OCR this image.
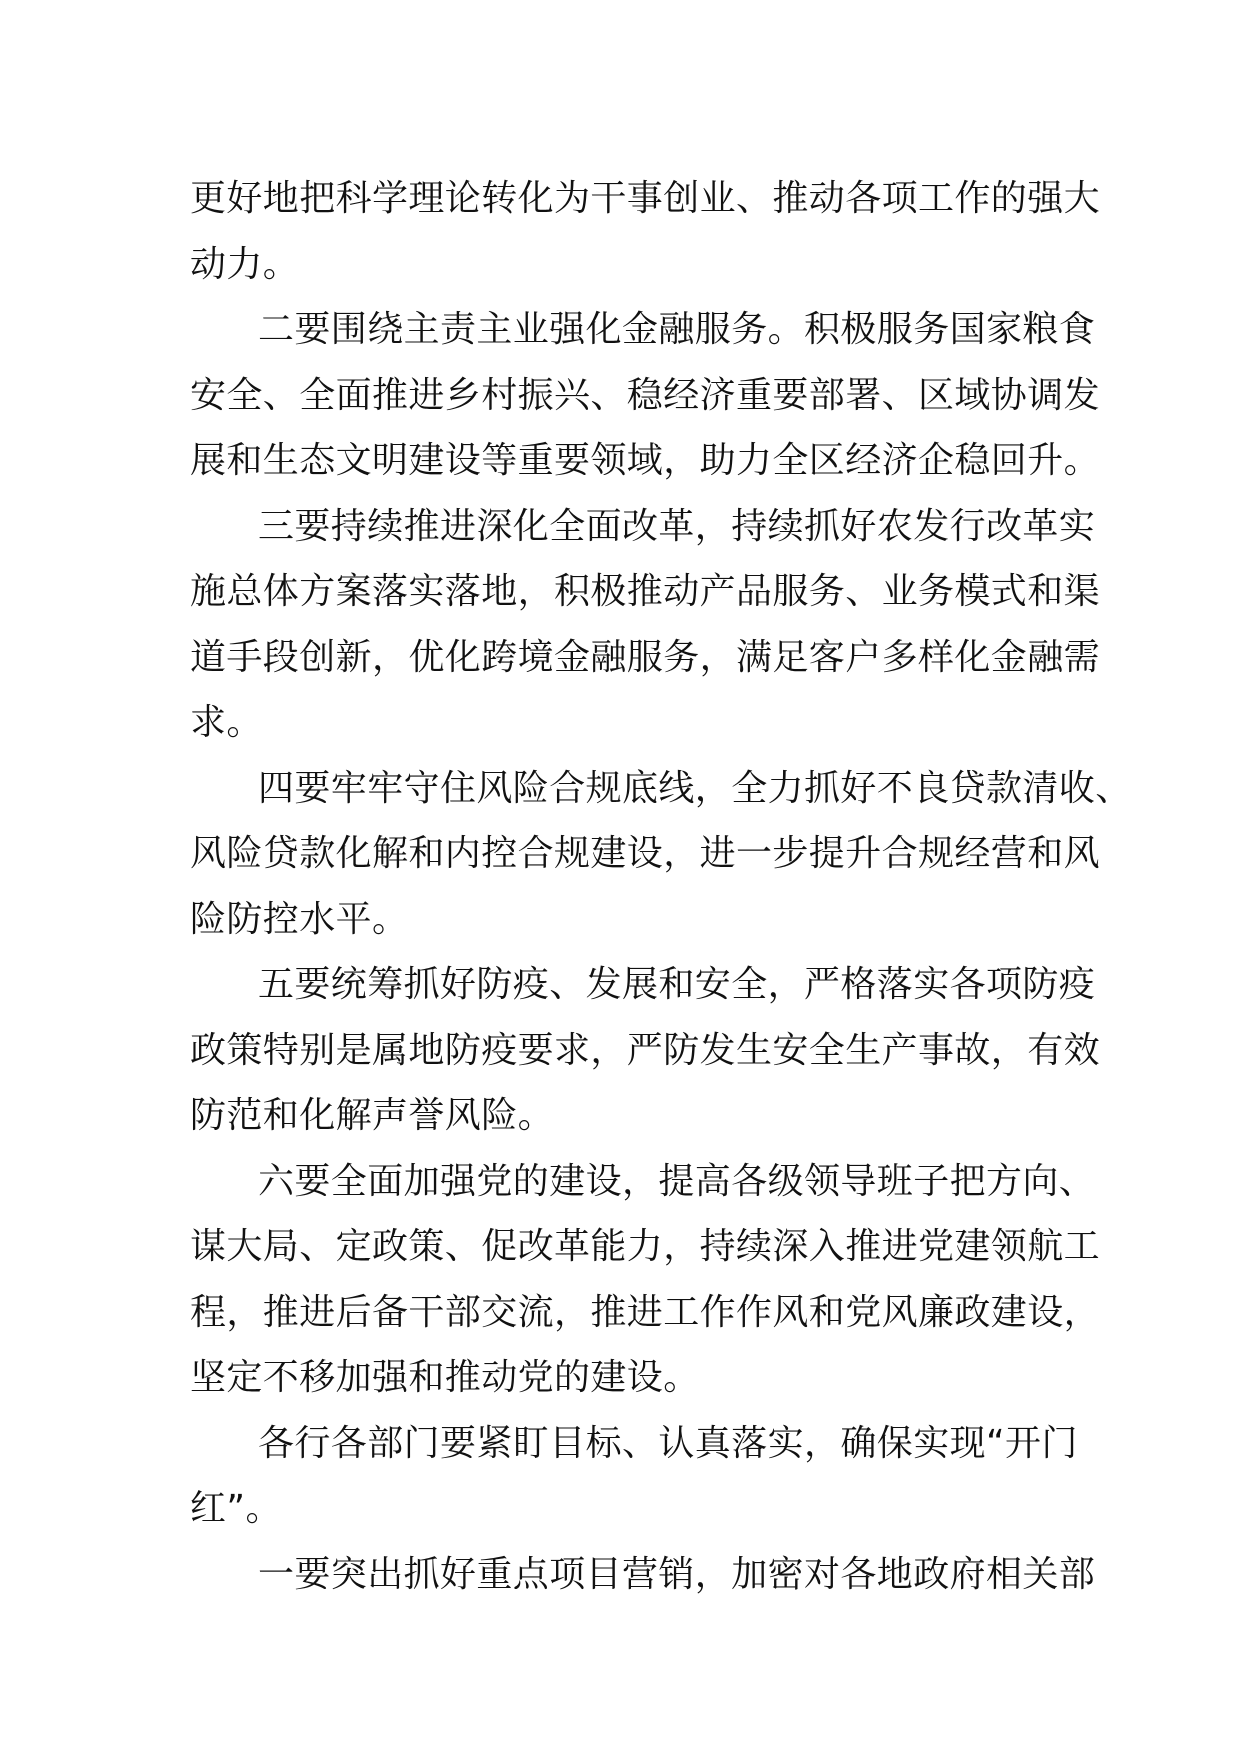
更好地把科学理论转化为干事创业、推动各项工作的强大
动力。
二要围绕主责主业强化金融服务。积极服务国家粮食
安全、全面推进乡村振兴、稳经济重要部署、区域协调发
展和生态文明建设等重要领域，助力全区经济企稳回升。
三要持续推进深化全面改革，持续抓好农发行改革实
施总体方案落实落地，积极推动产品服务、业务模式和渠
道手段创新，优化跨境金融服务，满足客户多样化金融需
求。
四要牢牢守住风险合规底线，全力抓好不良贷款清收、
风险贷款化解和内控合规建设，进一步提升合规经营和风
险防控水平。
五要统筹抓好防疫、发展和安全，严格落实各项防疫
政策特别是属地防疫要求，严防发生安全生产事故，有效
防范和化解声誉风险。
六要全面加强党的建设，提高各级领导班子把方向、
谋大局、定政策、促改革能力，持续深入推进党建领航工
程，推进后备干部交流，推进工作作风和党风廉政建设，
坚定不移加强和推动党的建设。
各行各部门要紧盯目标、认真落实，确保实现“开门
红”。
一要突出抓好重点项目营销，加密对各地政府相关部
